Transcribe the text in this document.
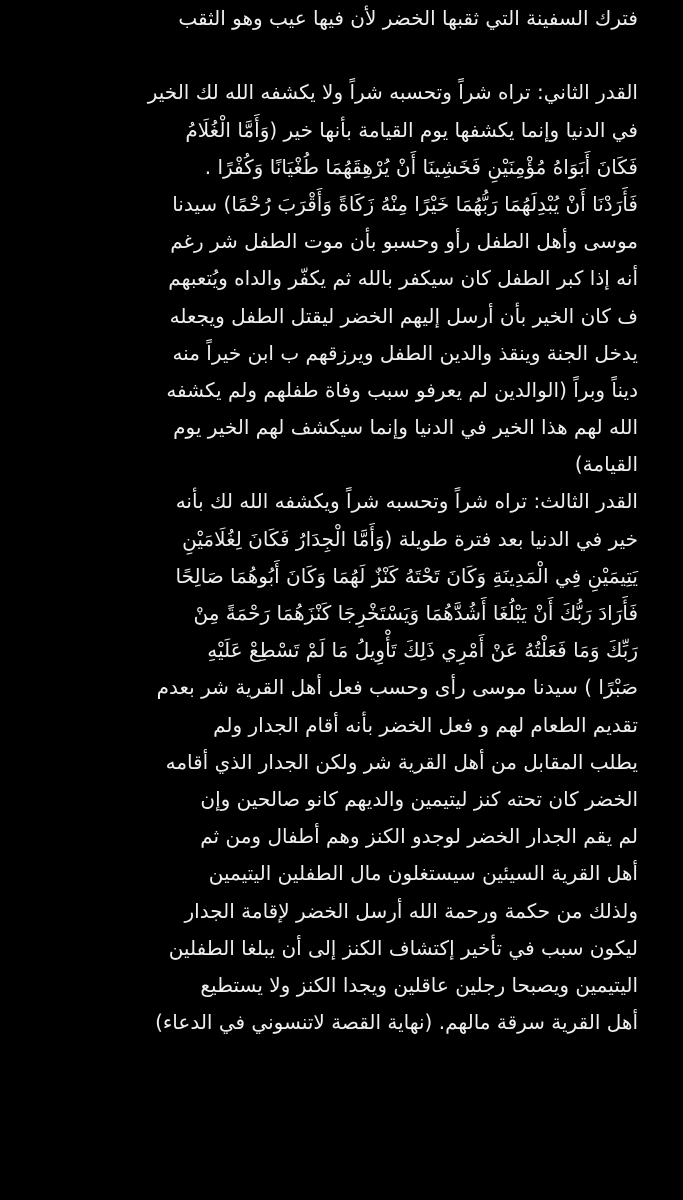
فترك السفينة التي ثقبها الخضر لأن فيها عيب وهو الثقب
القدر الثاني: تراه شراً وتحسبه شراً ولا يكشفه الله لك الخير
في الدنيا وإنما يكشفها يوم القيامة بأنها خير (وَأَمَّا الْغُلَامُ
فَكَانَ أَبَوَاهُ مُؤْمِنَيْنِ فَخَشِينَا أَنْ يُرْهِقَهُمَا طُغْيَانًا وَكُفْرًا .
فَأَرَدْنَا أَنْ يُبْدِلَهُمَا رَبُّهُمَا خَيْرًا مِنْهُ زَكَاةً وَأَقْرَبَ رُحْمًا) سيدنا
موسى وأهل الطفل رأو وحسبو بأن موت الطفل شر رغم
أنه إذا كبر الطفل كان سيكفر بالله ثم يكفّر والداه ويُتعبهم
ف كان الخير بأن أرسل إليهم الخضر ليقتل الطفل ويجعله
يدخل الجنة وينقذ والدين الطفل ويرزقهم ب ابن خيراً منه
ديناً وبراً (الوالدين لم يعرفو سبب وفاة طفلهم ولم يكشفه
الله لهم هذا الخير في الدنيا وإنما سيكشف لهم الخير يوم
القيامة)
القدر الثالث: تراه شراً وتحسبه شراً ويكشفه الله لك بأنه
خير في الدنيا بعد فترة طويلة (وَأَمَّا الْجِدَارُ فَكَانَ لِغُلَامَيْنِ
يَتِيمَيْنِ فِي الْمَدِينَةِ وَكَانَ تَحْتَهُ كَنْزٌ لَهُمَا وَكَانَ أَبُوهُمَا صَالِحًا
فَأَرَادَ رَبُّكَ أَنْ يَبْلُغَا أَشُدَّهُمَا وَيَسْتَخْرِجَا كَنْزَهُمَا رَحْمَةً مِنْ
رَبِّكَ وَمَا فَعَلْتُهُ عَنْ أَمْرِي ذَلِكَ تَأْوِيلُ مَا لَمْ تَسْطِعْ عَلَيْهِ
صَبْرًا ) سيدنا موسى رأى وحسب فعل أهل القرية شر بعدم
تقديم الطعام لهم و فعل الخضر بأنه أقام الجدار ولم
يطلب المقابل من أهل القرية شر ولكن الجدار الذي أقامه
الخضر كان تحته كنز ليتيمين والديهم كانو صالحين وإن
لم يقم الجدار الخضر لوجدو الكنز وهم أطفال ومن ثم
أهل القرية السيئين سيستغلون مال الطفلين اليتيمين
ولذلك من حكمة ورحمة الله أرسل الخضر لإقامة الجدار
ليكون سبب في تأخير إكتشاف الكنز إلى أن يبلغا الطفلين
اليتيمين ويصبحا رجلين عاقلين ويجدا الكنز ولا يستطيع
أهل القرية سرقة مالهم. (نهاية القصة لاتنسوني في الدعاء)
